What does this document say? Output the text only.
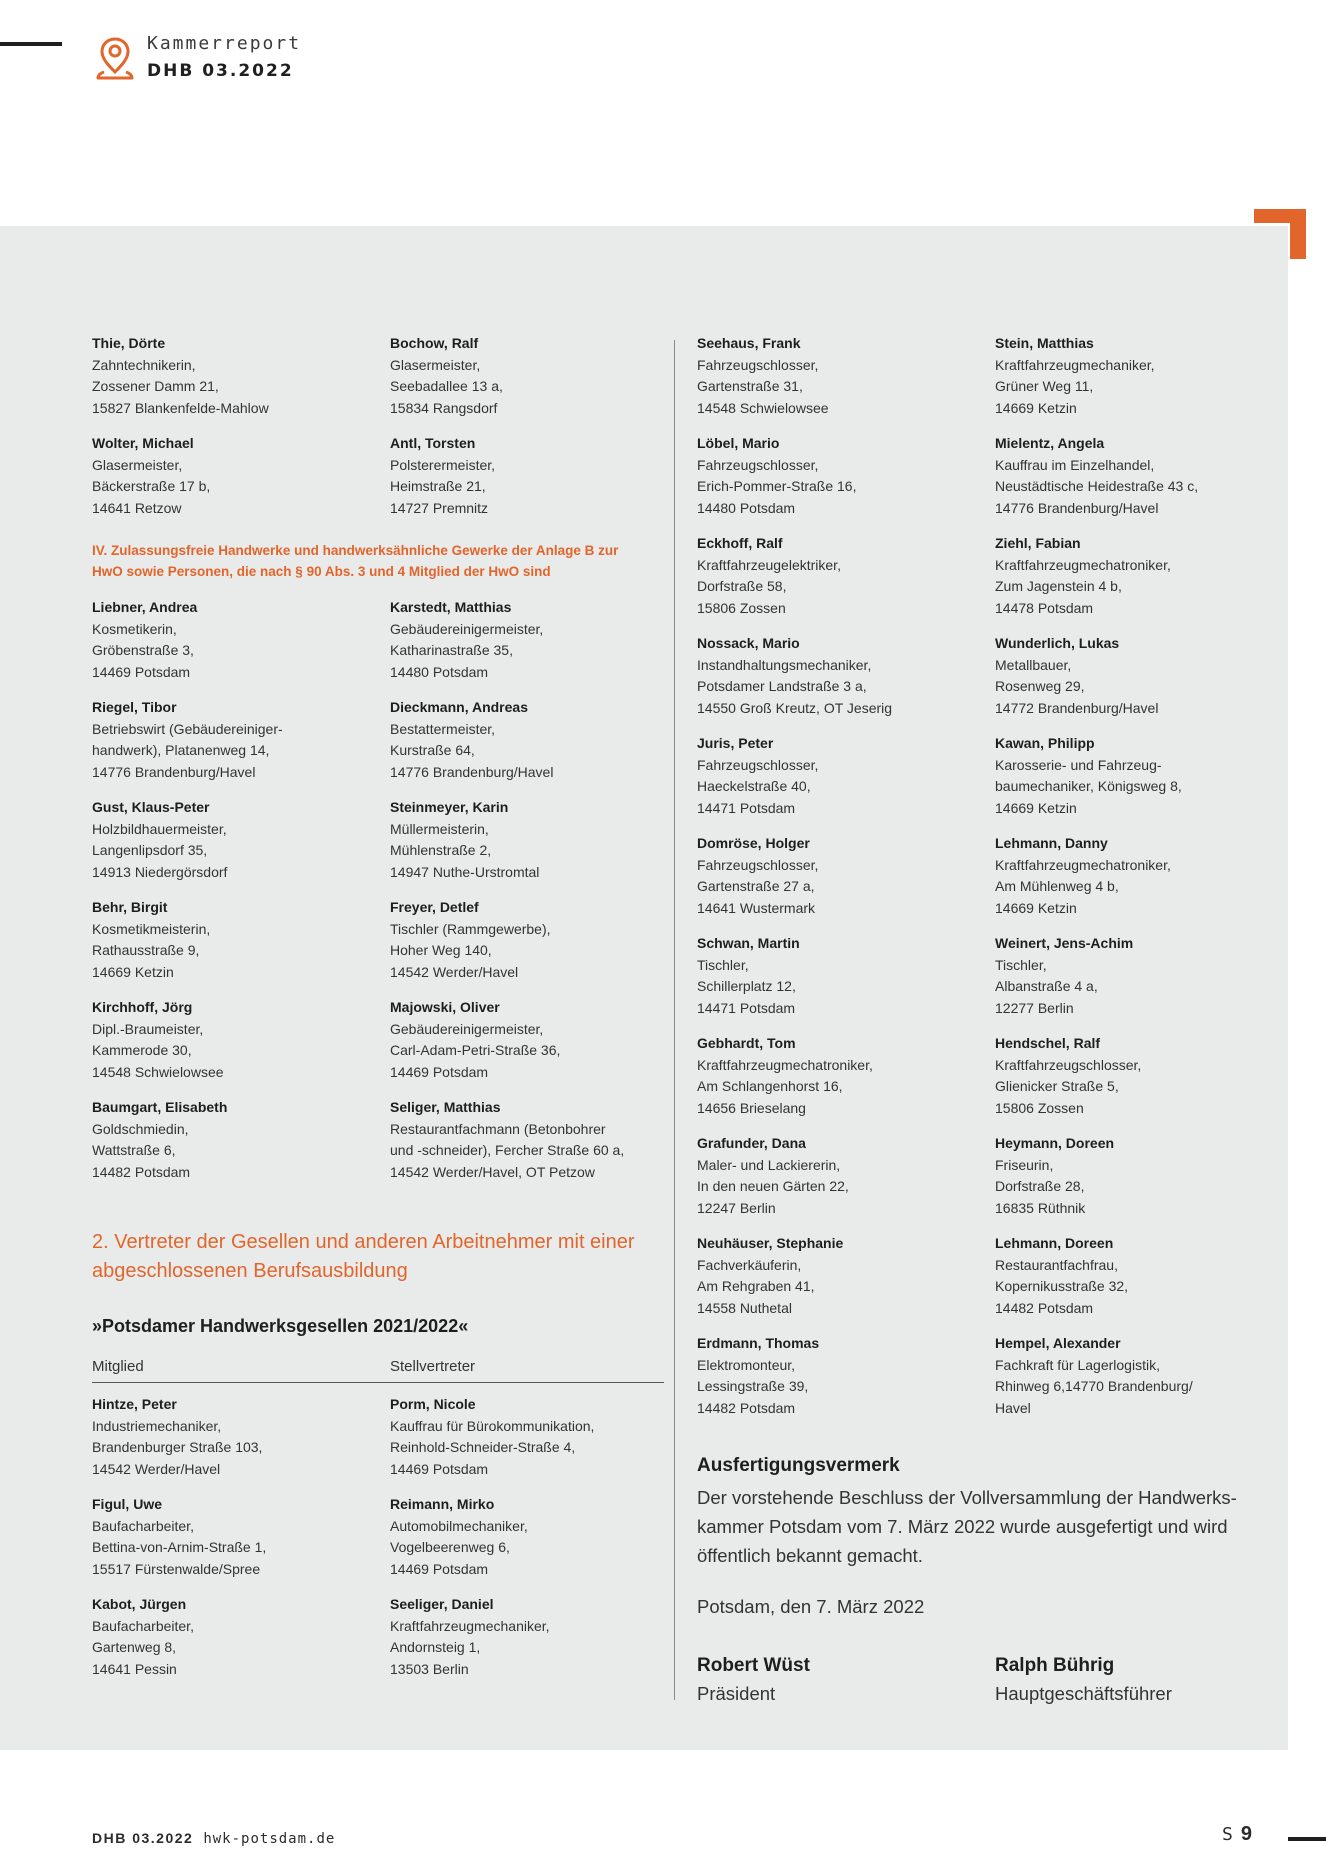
Kammerreport
DHB 03.2022
Thie, Dörte
Zahntechnikerin,
Zossener Damm 21,
15827 Blankenfelde-Mahlow
Bochow, Ralf
Glasermeister,
Seebadallee 13 a,
15834 Rangsdorf
Wolter, Michael
Glasermeister,
Bäckerstraße 17 b,
14641 Retzow
Antl, Torsten
Polsterermeister,
Heimstraße 21,
14727 Premnitz
IV. Zulassungsfreie Handwerke und handwerksähnliche Gewerke der Anlage B zur HwO sowie Personen, die nach § 90 Abs. 3 und 4 Mitglied der HwO sind
Liebner, Andrea
Kosmetikerin,
Gröbenstraße 3,
14469 Potsdam
Karstedt, Matthias
Gebäudereinigermeister,
Katharinastraße 35,
14480 Potsdam
Riegel, Tibor
Betriebswirt (Gebäudereiniger-
handwerk), Platanenweg 14,
14776 Brandenburg/Havel
Dieckmann, Andreas
Bestattermeister,
Kurstraße 64,
14776 Brandenburg/Havel
Gust, Klaus-Peter
Holzbildhauermeister,
Langenlipsdorf 35,
14913 Niedergörsdorf
Steinmeyer, Karin
Müllermeisterin,
Mühlenstraße 2,
14947 Nuthe-Urstromtal
Behr, Birgit
Kosmetikmeisterin,
Rathausstraße 9,
14669 Ketzin
Freyer, Detlef
Tischler (Rammgewerbe),
Hoher Weg 140,
14542 Werder/Havel
Kirchhoff, Jörg
Dipl.-Braumeister,
Kammerode 30,
14548 Schwielowsee
Majowski, Oliver
Gebäudereinigermeister,
Carl-Adam-Petri-Straße 36,
14469 Potsdam
Baumgart, Elisabeth
Goldschmiedin,
Wattstraße 6,
14482 Potsdam
Seliger, Matthias
Restaurantfachmann (Betonbohrer
und -schneider), Fercher Straße 60 a,
14542 Werder/Havel, OT Petzow
2. Vertreter der Gesellen und anderen Arbeitnehmer mit einer abgeschlossenen Berufsausbildung
»Potsdamer Handwerksgesellen 2021/2022«
Mitglied	Stellvertreter
Hintze, Peter
Industriemechaniker,
Brandenburger Straße 103,
14542 Werder/Havel
Porm, Nicole
Kauffrau für Bürokommunikation,
Reinhold-Schneider-Straße 4,
14469 Potsdam
Figul, Uwe
Baufacharbeiter,
Bettina-von-Arnim-Straße 1,
15517 Fürstenwalde/Spree
Reimann, Mirko
Automobilmechaniker,
Vogelbeerenweg 6,
14469 Potsdam
Kabot, Jürgen
Baufacharbeiter,
Gartenweg 8,
14641 Pessin
Seeliger, Daniel
Kraftfahrzeugmechaniker,
Andornsteig 1,
13503 Berlin
Seehaus, Frank
Fahrzeugschlosser,
Gartenstraße 31,
14548 Schwielowsee
Stein, Matthias
Kraftfahrzeugmechaniker,
Grüner Weg 11,
14669 Ketzin
Löbel, Mario
Fahrzeugschlosser,
Erich-Pommer-Straße 16,
14480 Potsdam
Mielentz, Angela
Kauffrau im Einzelhandel,
Neustädtische Heidestraße 43 c,
14776 Brandenburg/Havel
Eckhoff, Ralf
Kraftfahrzeugelektriker,
Dorfstraße 58,
15806 Zossen
Ziehl, Fabian
Kraftfahrzeugmechatroniker,
Zum Jagenstein 4 b,
14478 Potsdam
Nossack, Mario
Instandhaltungsmechaniker,
Potsdamer Landstraße 3 a,
14550 Groß Kreutz, OT Jeserig
Wunderlich, Lukas
Metallbauer,
Rosenweg 29,
14772 Brandenburg/Havel
Juris, Peter
Fahrzeugschlosser,
Haeckelstraße 40,
14471 Potsdam
Kawan, Philipp
Karosserie- und Fahrzeug-
baumechaniker, Königsweg 8,
14669 Ketzin
Domröse, Holger
Fahrzeugschlosser,
Gartenstraße 27 a,
14641 Wustermark
Lehmann, Danny
Kraftfahrzeugmechatroniker,
Am Mühlenweg 4 b,
14669 Ketzin
Schwan, Martin
Tischler,
Schillerplatz 12,
14471 Potsdam
Weinert, Jens-Achim
Tischler,
Albanstraße 4 a,
12277 Berlin
Gebhardt, Tom
Kraftfahrzeugmechatroniker,
Am Schlangenhorst 16,
14656 Brieselang
Hendschel, Ralf
Kraftfahrzeugschlosser,
Glienicker Straße 5,
15806 Zossen
Grafunder, Dana
Maler- und Lackiererin,
In den neuen Gärten 22,
12247 Berlin
Heymann, Doreen
Friseurin,
Dorfstraße 28,
16835 Rüthnik
Neuhäuser, Stephanie
Fachverkäuferin,
Am Rehgraben 41,
14558 Nuthetal
Lehmann, Doreen
Restaurantfachfrau,
Kopernikusstraße 32,
14482 Potsdam
Erdmann, Thomas
Elektromonteur,
Lessingstraße 39,
14482 Potsdam
Hempel, Alexander
Fachkraft für Lagerlogistik,
Rhinweg 6,14770 Brandenburg/
Havel
Ausfertigungsvermerk
Der vorstehende Beschluss der Vollversammlung der Handwerks-
kammer Potsdam vom 7. März 2022 wurde ausgefertigt und wird
öffentlich bekannt gemacht.
Potsdam, den 7. März 2022
Robert Wüst
Präsident
Ralph Bührig
Hauptgeschäftsführer
DHB 03.2022 hwk-potsdam.de	S 9
